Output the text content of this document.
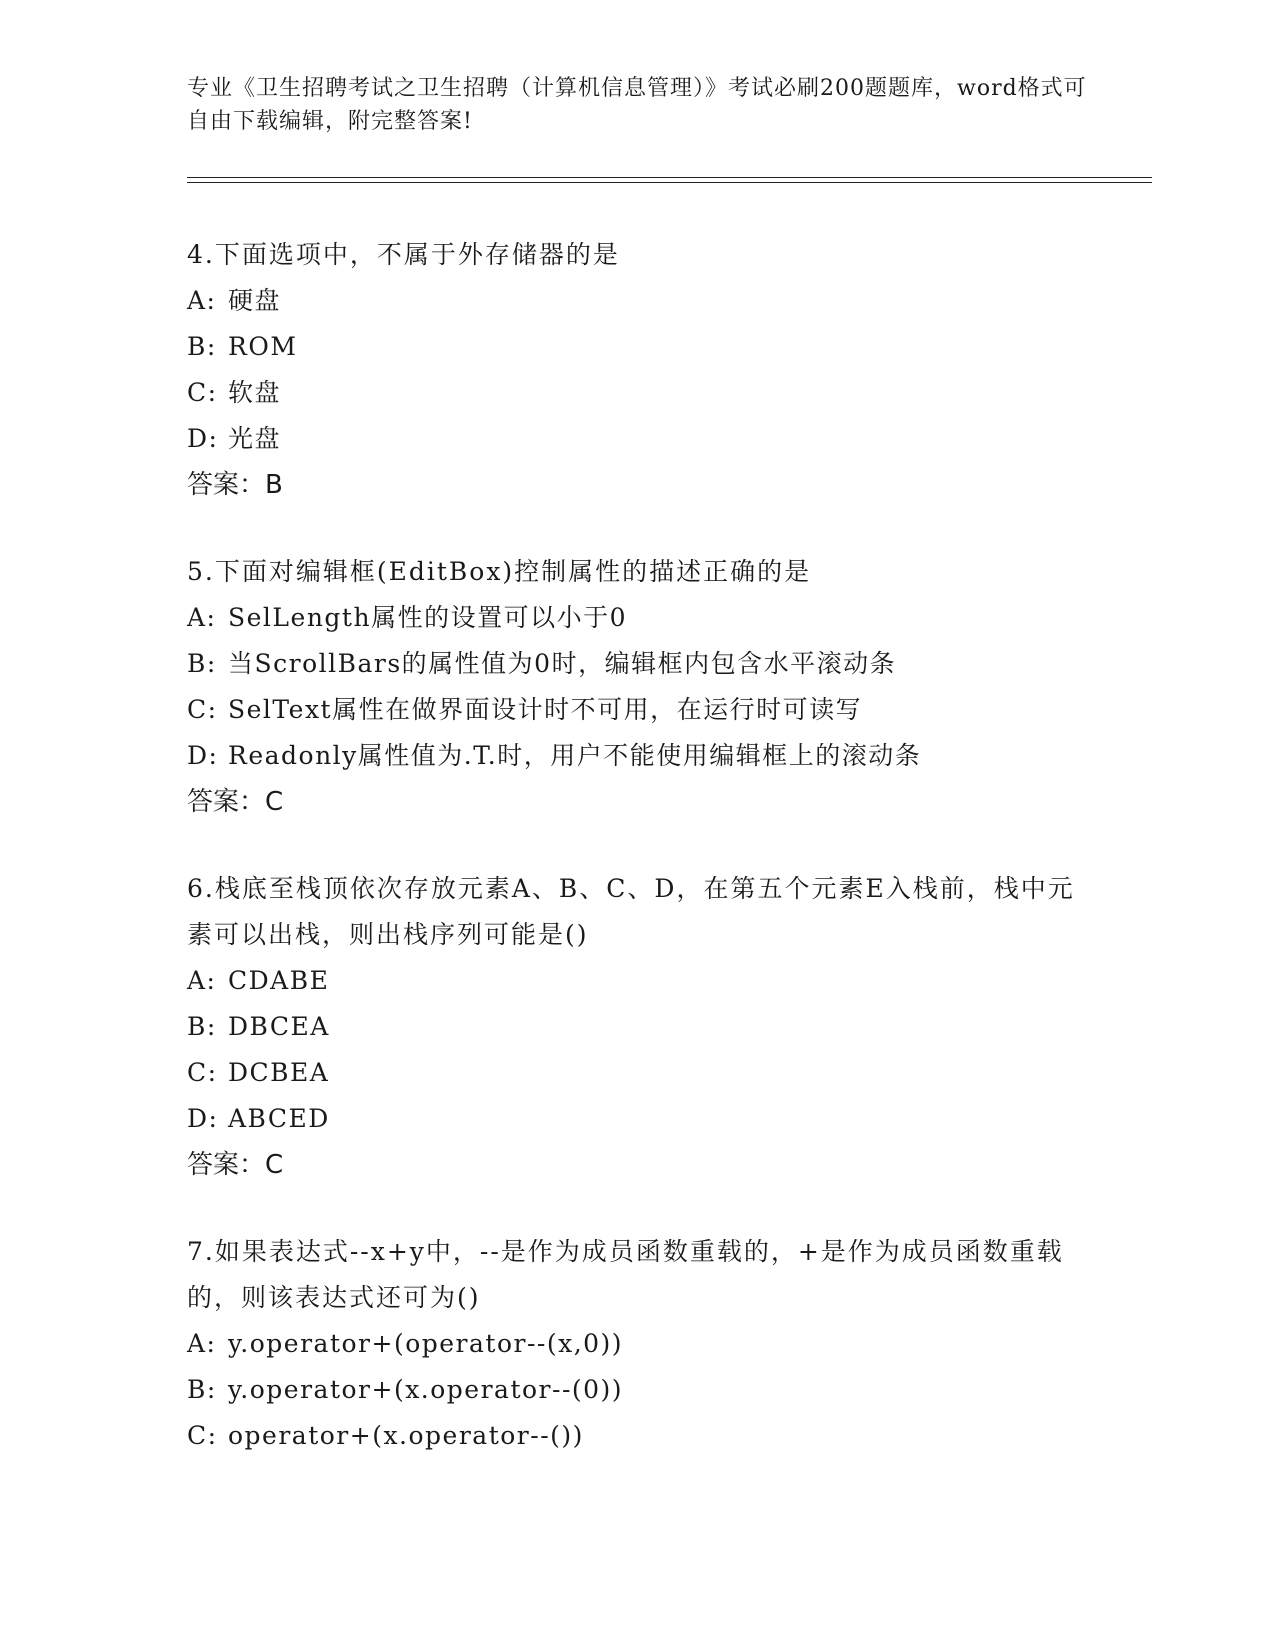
专业《卫生招聘考试之卫生招聘（计算机信息管理）》考试必刷200题题库，word格式可自由下载编辑，附完整答案!
4.下面选项中，不属于外存储器的是
A: 硬盘
B: ROM
C: 软盘
D: 光盘
答案：B
5.下面对编辑框(EditBox)控制属性的描述正确的是
A: SelLength属性的设置可以小于0
B: 当ScrollBars的属性值为0时，编辑框内包含水平滚动条
C: SelText属性在做界面设计时不可用，在运行时可读写
D: Readonly属性值为.T.时，用户不能使用编辑框上的滚动条
答案：C
6.栈底至栈顶依次存放元素A、B、C、D，在第五个元素E入栈前，栈中元素可以出栈，则出栈序列可能是()
A: CDABE
B: DBCEA
C: DCBEA
D: ABCED
答案：C
7.如果表达式--x+y中，--是作为成员函数重载的，+是作为成员函数重载的，则该表达式还可为()
A: y.operator+(operator--(x,0))
B: y.operator+(x.operator--(0))
C: operator+(x.operator--())
